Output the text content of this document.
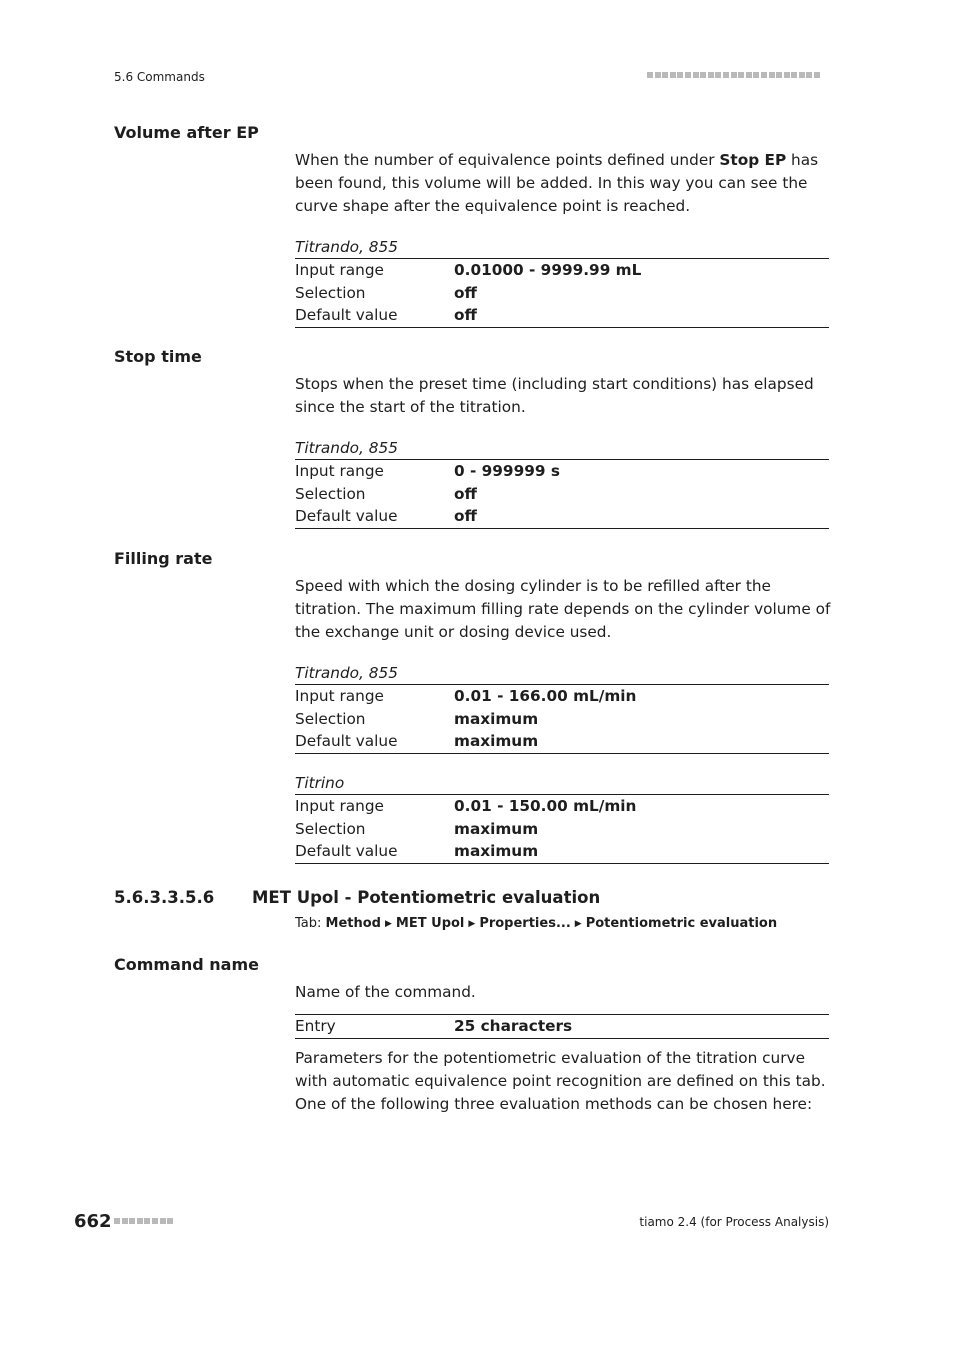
5.6 Commands
Volume after EP
When the number of equivalence points defined under Stop EP has been found, this volume will be added. In this way you can see the curve shape after the equivalence point is reached.
Titrando, 855
Input range	0.01000 - 9999.99 mL
Selection	off
Default value	off
Stop time
Stops when the preset time (including start conditions) has elapsed since the start of the titration.
Titrando, 855
Input range	0 - 999999 s
Selection	off
Default value	off
Filling rate
Speed with which the dosing cylinder is to be refilled after the titration. The maximum filling rate depends on the cylinder volume of the exchange unit or dosing device used.
Titrando, 855
Input range	0.01 - 166.00 mL/min
Selection	maximum
Default value	maximum
Titrino
Input range	0.01 - 150.00 mL/min
Selection	maximum
Default value	maximum
5.6.3.3.5.6 MET Upol - Potentiometric evaluation
Tab: Method ▶ MET Upol ▶ Properties... ▶ Potentiometric evaluation
Command name
Name of the command.
Entry	25 characters
Parameters for the potentiometric evaluation of the titration curve with automatic equivalence point recognition are defined on this tab. One of the following three evaluation methods can be chosen here:
662	tiamo 2.4 (for Process Analysis)
